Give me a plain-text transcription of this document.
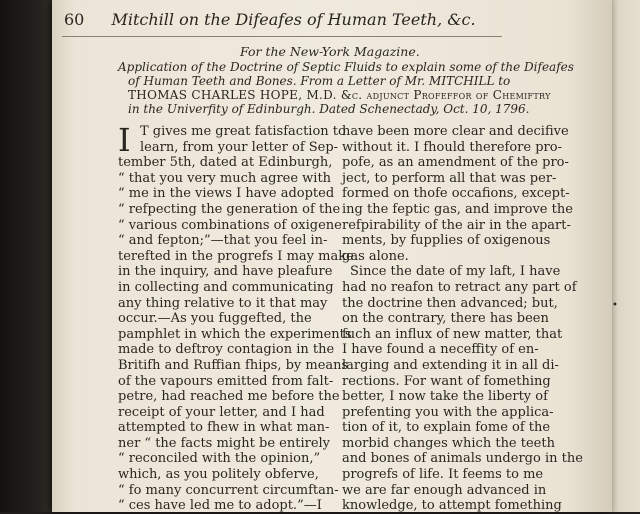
•
60 Mitchill on the Difeafes of Human Teeth, &c.
For the New-York Magazine.

Application of the Doctrine of Septic Fluids to explain some of the Difeafes

of Human Teeth and Bones. From a Letter of Mr. MITCHILL to

THOMAS CHARLES HOPE, M.D. &c. adjunct Profeffor of Chemiftry

in the Univerfity of Edinburgh. Dated Schenectady, Oct. 10, 1796.

I T gives me great fatisfaction to

learn, from your letter of Sep-

tember 5th, dated at Edinburgh,

“ that you very much agree with

“ me in the views I have adopted

“ refpecting the generation of the

“ various combinations of oxigene

“ and fepton;”—that you feel in-

terefted in the progrefs I may make

in the inquiry, and have pleafure

in collecting and communicating

any thing relative to it that may

occur.—As you fuggefted, the

pamphlet in which the experiments

made to deftroy contagion in the

Britifh and Ruffian fhips, by means

of the vapours emitted from falt-

petre, had reached me before the

receipt of your letter, and I had

attempted to fhew in what man-

ner “ the facts might be entirely

“ reconciled with the opinion,”

which, as you politely obferve,

“ fo many concurrent circumftan-

“ ces have led me to adopt.”—I

have been more clear and decifive

without it. I fhould therefore pro-

pofe, as an amendment of the pro-

ject, to perform all that was per-

formed on thofe occafions, except-

ing the feptic gas, and improve the

refpirability of the air in the apart-

ments, by fupplies of oxigenous

gas alone.

Since the date of my laft, I have

had no reafon to retract any part of

the doctrine then advanced; but,

on the contrary, there has been

fuch an influx of new matter, that

I have found a neceffity of en-

larging and extending it in all di-

rections. For want of fomething

better, I now take the liberty of

prefenting you with the applica-

tion of it, to explain fome of the

morbid changes which the teeth

and bones of animals undergo in the

progrefs of life. It feems to me

we are far enough advanced in

knowledge, to attempt fomething
